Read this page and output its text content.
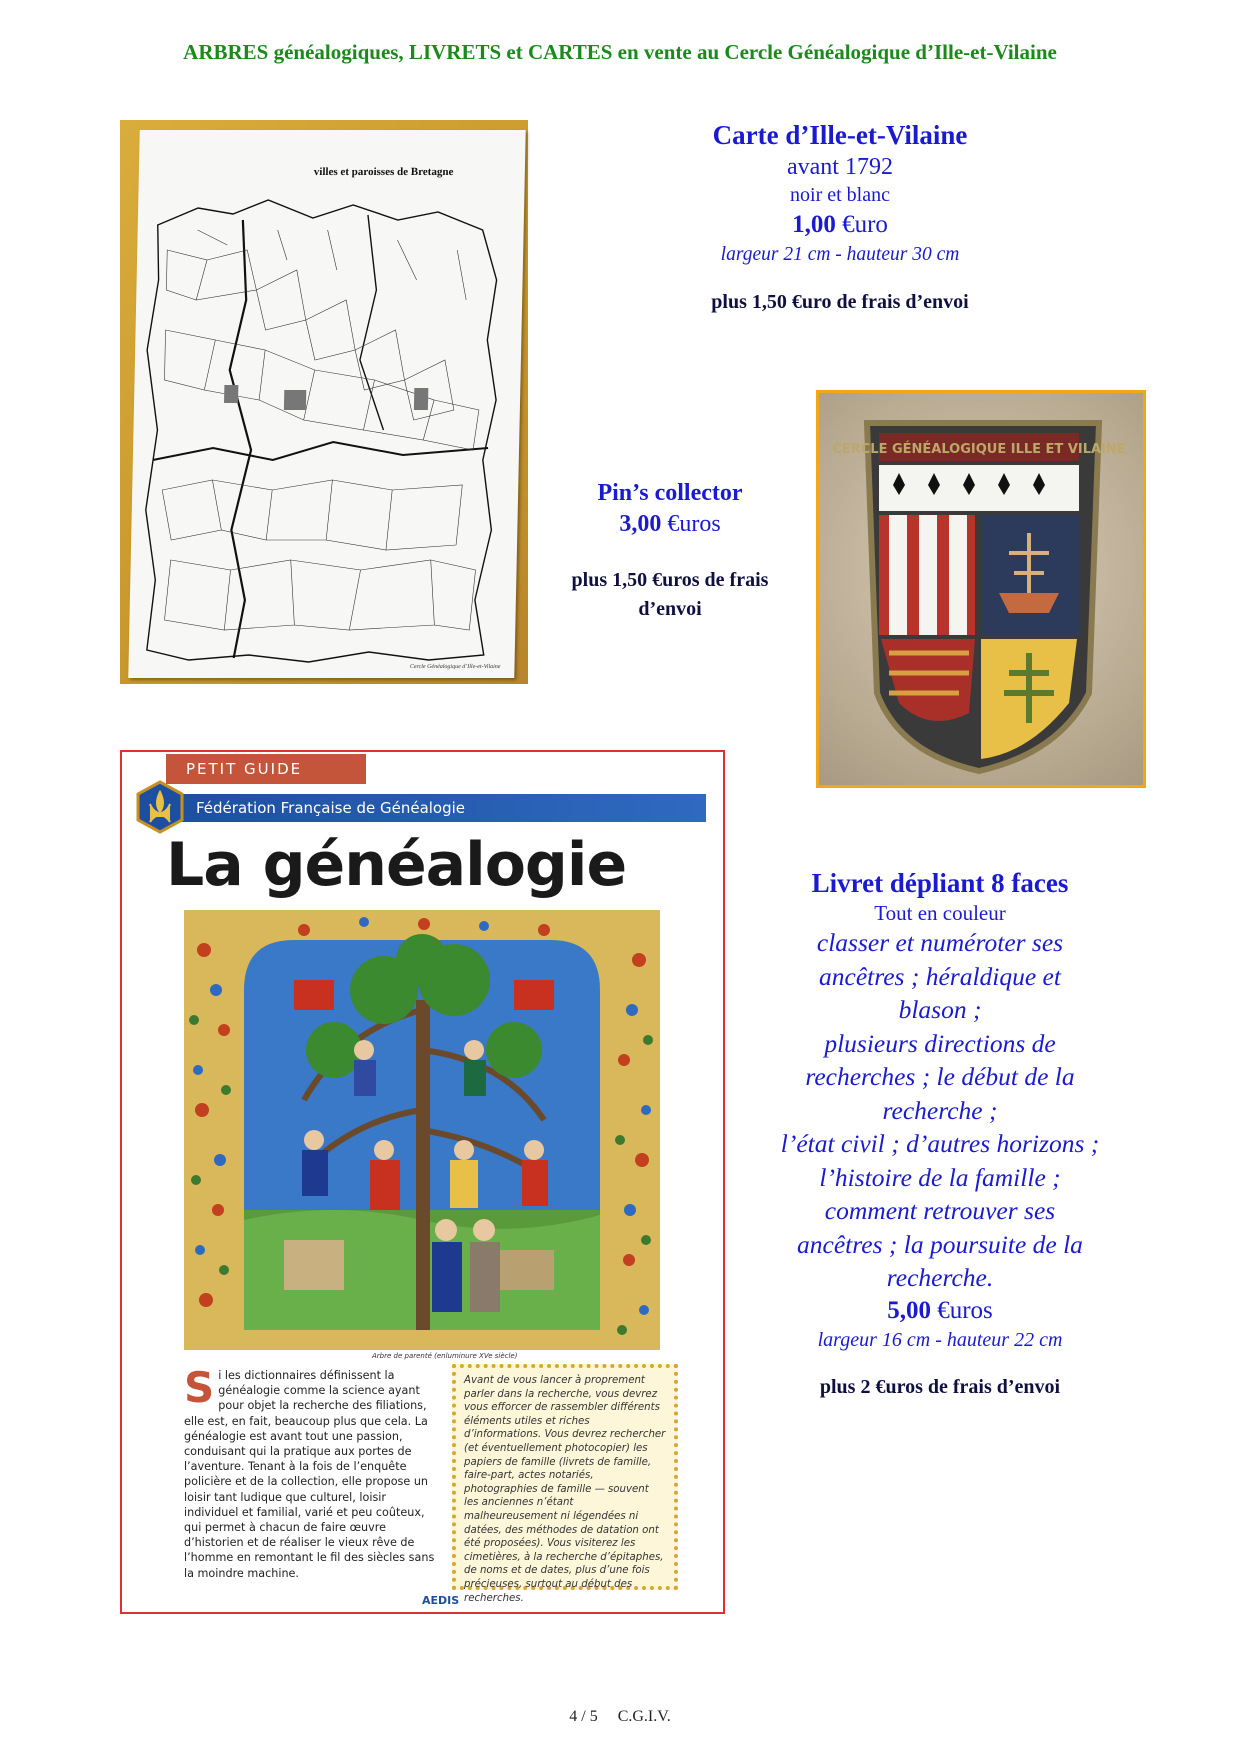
ARBRES généalogiques, LIVRETS et CARTES en vente au Cercle Généalogique d’Ille-et-Vilaine
villes et paroisses de Bretagne
Cercle Généalogique d’Ille-et-Vilaine
Carte d’Ille-et-Vilaine
avant 1792
noir et blanc
1,00 €uro
largeur 21 cm - hauteur 30 cm
plus 1,50 €uro de frais d’envoi
Pin’s collector
3,00 €uros
plus 1,50 €uros de frais
d’envoi
CERCLE GÉNÉALOGIQUE ILLE ET VILAINE
PETIT GUIDE
Fédération Française de Généalogie
La généalogie
Arbre de parenté (enluminure XVe siècle)
Si les dictionnaires définissent la généalogie comme la science ayant pour objet la recherche des filiations, elle est, en fait, beaucoup plus que cela. La généalogie est avant tout une passion, conduisant qui la pratique aux portes de l’aventure. Tenant à la fois de l’enquête policière et de la collection, elle propose un loisir tant ludique que culturel, loisir individuel et familial, varié et peu coûteux, qui permet à chacun de faire œuvre d’historien et de réaliser le vieux rêve de l’homme en remontant le fil des siècles sans la moindre machine.
Avant de vous lancer à proprement parler dans la recherche, vous devrez vous efforcer de rassembler différents éléments utiles et riches d’informations. Vous devrez rechercher (et éventuellement photocopier) les papiers de famille (livrets de famille, faire-part, actes notariés, photographies de famille — souvent les anciennes n’étant malheureusement ni légendées ni datées, des méthodes de datation ont été proposées). Vous visiterez les cimetières, à la recherche d’épitaphes, de noms et de dates, plus d’une fois précieuses, surtout au début des recherches.
AEDIS
Livret dépliant 8 faces
Tout en couleur
classer et numéroter ses
ancêtres ; héraldique et
blason ;
plusieurs directions de
recherches ; le début de la
recherche ;
l’état civil ; d’autres horizons ;
l’histoire de la famille ;
comment retrouver ses
ancêtres ; la poursuite de la
recherche.
5,00 €uros
largeur 16 cm - hauteur 22 cm
plus 2 €uros de frais d’envoi
4 / 5 C.G.I.V.
